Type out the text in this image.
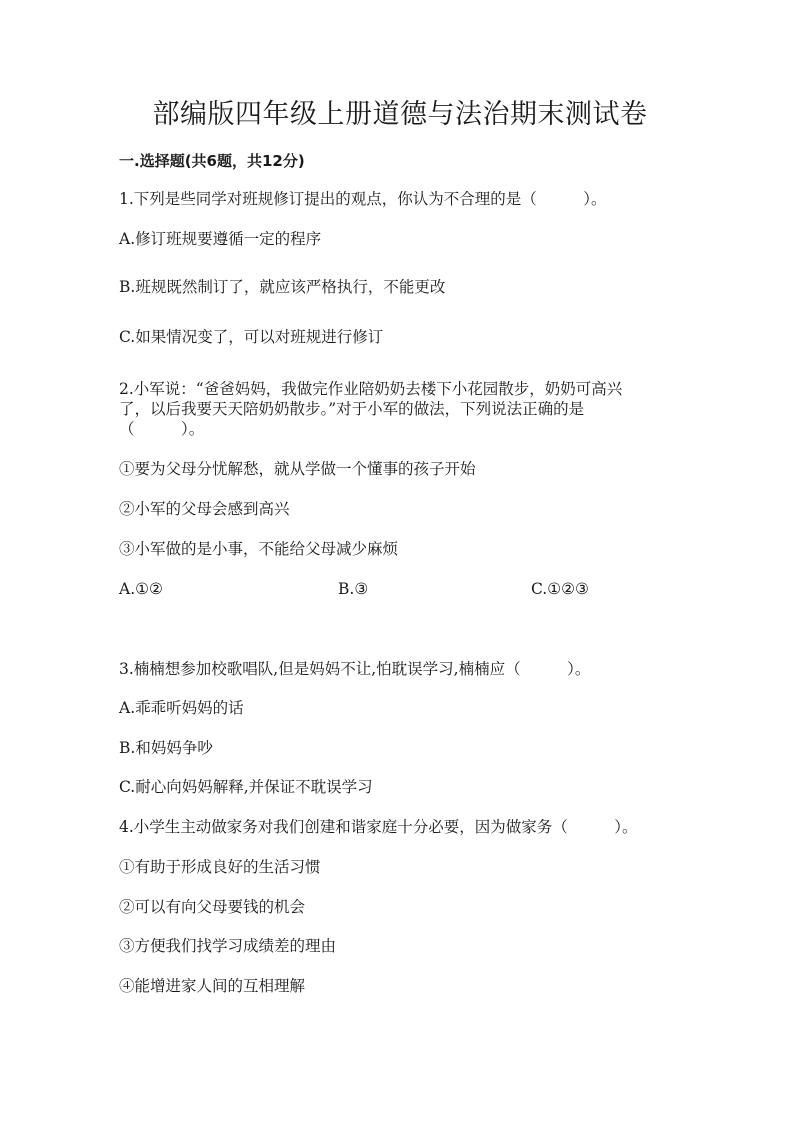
部编版四年级上册道德与法治期末测试卷
一.选择题(共6题，共12分)
1.下列是些同学对班规修订提出的观点，你认为不合理的是（　　　）。
A.修订班规要遵循一定的程序
B.班规既然制订了，就应该严格执行，不能更改
C.如果情况变了，可以对班规进行修订
2.小军说：“爸爸妈妈，我做完作业陪奶奶去楼下小花园散步，奶奶可高兴
了，以后我要天天陪奶奶散步。”对于小军的做法，下列说法正确的是
（　　　）。
①要为父母分忧解愁，就从学做一个懂事的孩子开始
②小军的父母会感到高兴
③小军做的是小事，不能给父母减少麻烦
A.①②	B.③	C.①②③
3.楠楠想参加校歌唱队,但是妈妈不让,怕耽误学习,楠楠应（　　　）。
A.乖乖听妈妈的话
B.和妈妈争吵
C.耐心向妈妈解释,并保证不耽误学习
4.小学生主动做家务对我们创建和谐家庭十分必要，因为做家务（　　　）。
①有助于形成良好的生活习惯
②可以有向父母要钱的机会
③方便我们找学习成绩差的理由
④能增进家人间的互相理解
